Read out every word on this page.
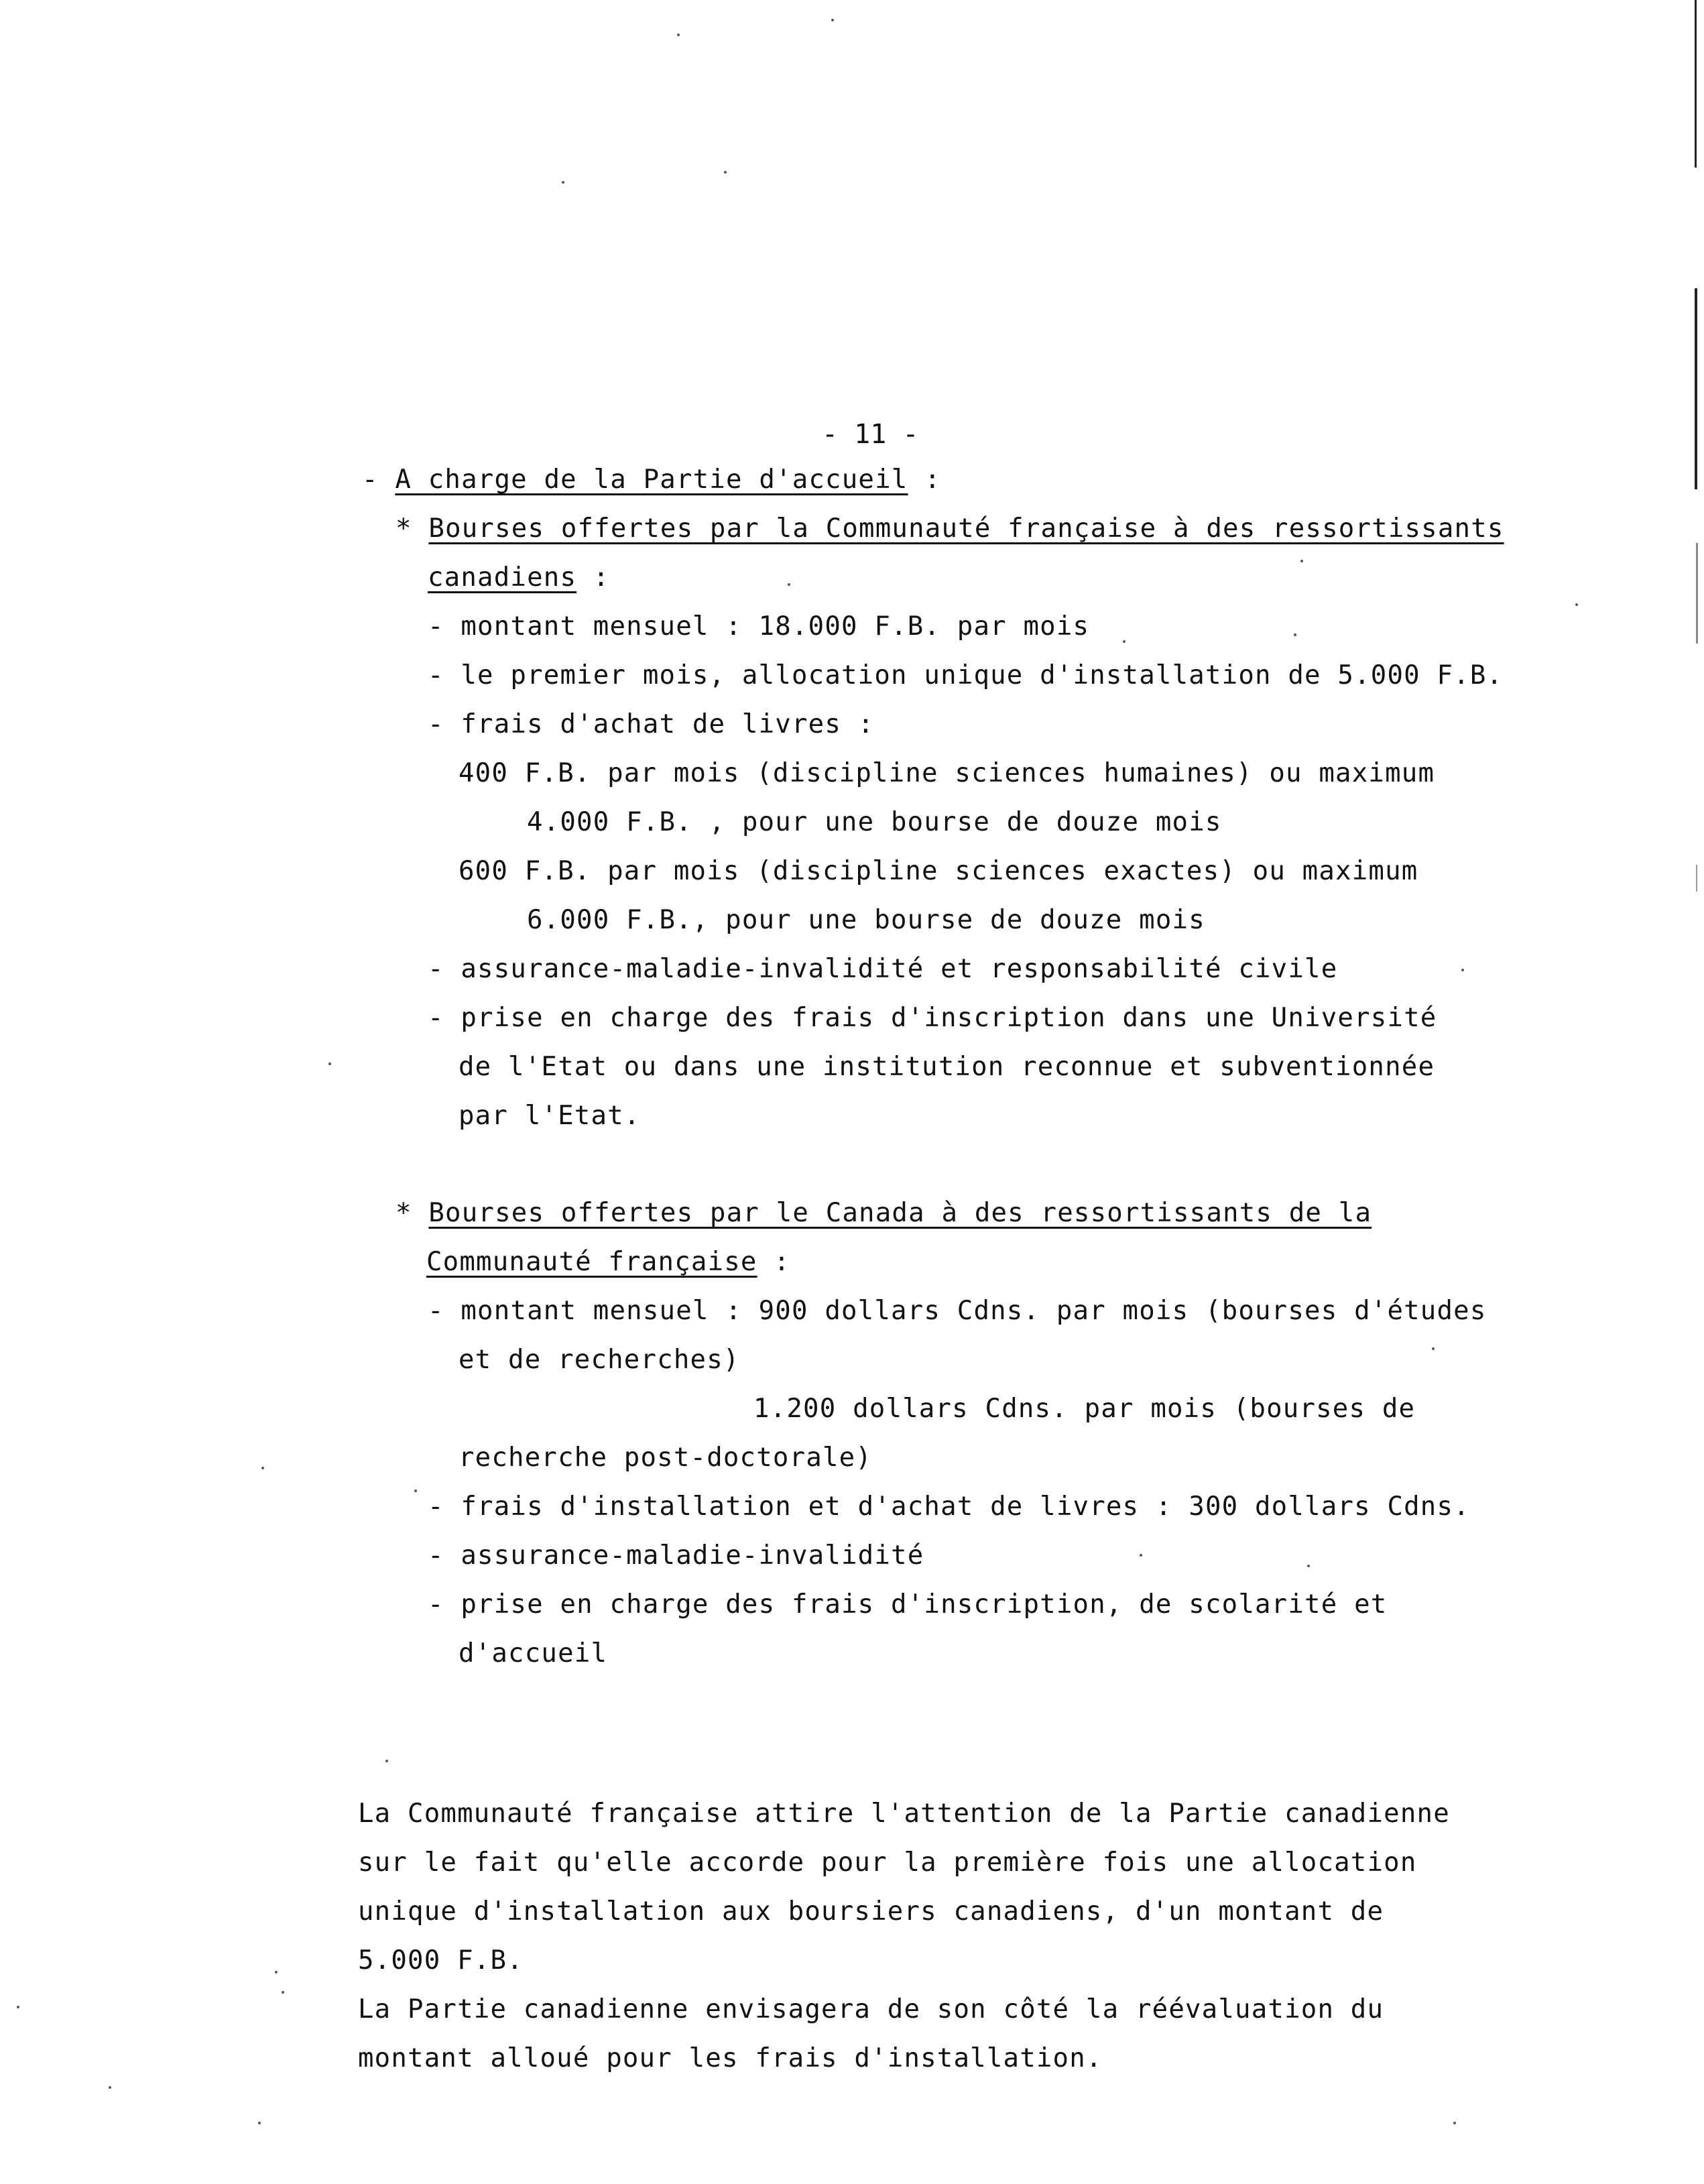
- 11 -
- A charge de la Partie d'accueil :
* Bourses offertes par la Communauté française à des ressortissants
canadiens :
- montant mensuel : 18.000 F.B. par mois
- le premier mois, allocation unique d'installation de 5.000 F.B.
- frais d'achat de livres :
400 F.B. par mois (discipline sciences humaines) ou maximum
4.000 F.B. , pour une bourse de douze mois
600 F.B. par mois (discipline sciences exactes) ou maximum
6.000 F.B., pour une bourse de douze mois
- assurance-maladie-invalidité et responsabilité civile
- prise en charge des frais d'inscription dans une Université
de l'Etat ou dans une institution reconnue et subventionnée
par l'Etat.
* Bourses offertes par le Canada à des ressortissants de la
Communauté française :
- montant mensuel : 900 dollars Cdns. par mois (bourses d'études
et de recherches)
1.200 dollars Cdns. par mois (bourses de
recherche post-doctorale)
- frais d'installation et d'achat de livres : 300 dollars Cdns.
- assurance-maladie-invalidité
- prise en charge des frais d'inscription, de scolarité et
d'accueil
La Communauté française attire l'attention de la Partie canadienne
sur le fait qu'elle accorde pour la première fois une allocation
unique d'installation aux boursiers canadiens, d'un montant de
5.000 F.B.
La Partie canadienne envisagera de son côté la réévaluation du
montant alloué pour les frais d'installation.
